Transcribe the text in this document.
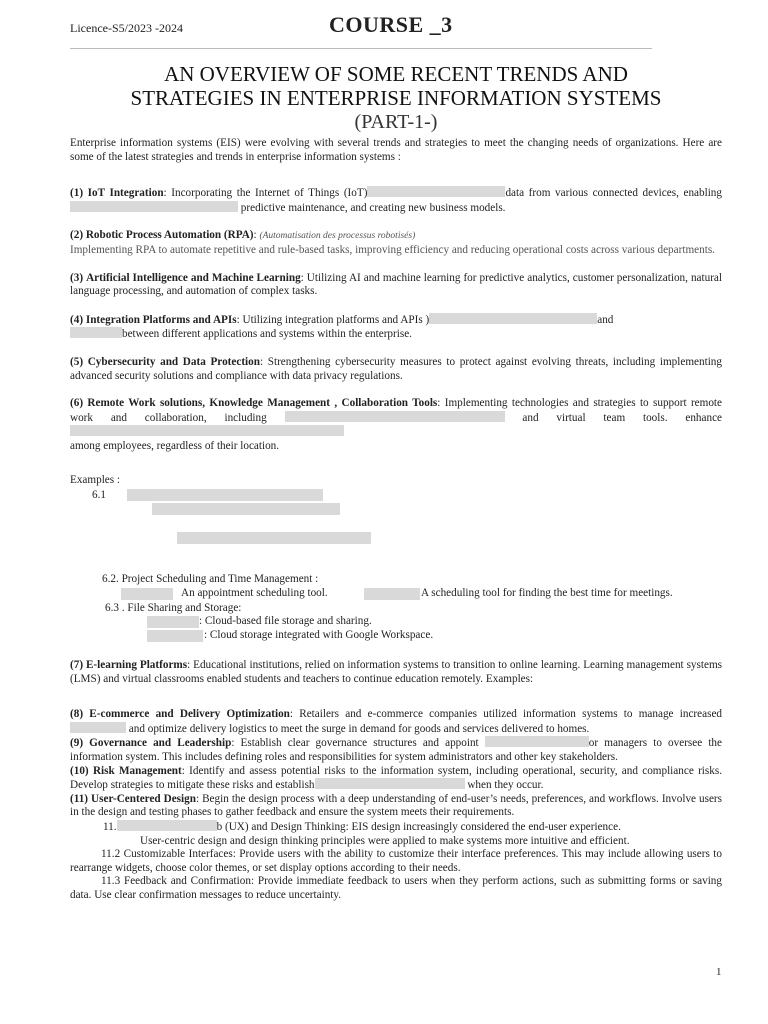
Licence-S5/2023 -2024	COURSE _3
AN OVERVIEW OF SOME RECENT TRENDS AND
STRATEGIES IN ENTERPRISE INFORMATION SYSTEMS
(PART-1-)

Enterprise information systems (EIS) were evolving with several trends and strategies to meet the changing needs of organizations. Here are some of the latest strategies and trends in enterprise information systems :

(1) IoT Integration: Incorporating the Internet of Things (IoT)	data from various connected devices, enabling predictive maintenance, and creating new business models.

(2) Robotic Process Automation (RPA): (Automatisation des processus robotisés)

Implementing RPA to automate repetitive and rule-based tasks, improving efficiency and reducing operational costs across various departments.

(3) Artificial Intelligence and Machine Learning: Utilizing AI and machine learning for predictive analytics, customer personalization, natural language processing, and automation of complex tasks.

(4) Integration Platforms and APIs: Utilizing integration platforms and APIs )	and
between different applications and systems within the enterprise.

(5) Cybersecurity and Data Protection: Strengthening cybersecurity measures to protect against evolving threats, including implementing advanced security solutions and compliance with data privacy regulations.

(6) Remote Work solutions, Knowledge Management , Collaboration Tools: Implementing technologies and strategies to support remote work and collaboration, including	and virtual team tools. enhance
among employees, regardless of their location.

Examples :
6.1
6.2. Project Scheduling and Time Management :
An appointment scheduling tool.	A scheduling tool for finding the best time for meetings.
6.3 . File Sharing and Storage:
: Cloud-based file storage and sharing.
: Cloud storage integrated with Google Workspace.

(7) E-learning Platforms: Educational institutions, relied on information systems to transition to online learning. Learning management systems (LMS) and virtual classrooms enabled students and teachers to continue education remotely. Examples:

(8) E-commerce and Delivery Optimization: Retailers and e-commerce companies utilized information systems to manage increased  and optimize delivery logistics to meet the surge in demand for goods and services delivered to homes.

(9) Governance and Leadership: Establish clear governance structures and appoint	or managers to oversee the information system. This includes defining roles and responsibilities for system administrators and other key stakeholders.

(10) Risk Management: Identify and assess potential risks to the information system, including operational, security, and compliance risks. Develop strategies to mitigate these risks and establish	when they occur.

(11) User-Centered Design: Begin the design process with a deep understanding of end-user’s needs, preferences, and workflows. Involve users in the design and testing phases to gather feedback and ensure the system meets their requirements.

11.	b (UX) and Design Thinking: EIS design increasingly considered the end-user experience.

User-centric design and design thinking principles were applied to make systems more intuitive and efficient.

11.2 Customizable Interfaces: Provide users with the ability to customize their interface preferences. This may include allowing users to rearrange widgets, choose color themes, or set display options according to their needs.

11.3 Feedback and Confirmation: Provide immediate feedback to users when they perform actions, such as submitting forms or saving data. Use clear confirmation messages to reduce uncertainty.

1
